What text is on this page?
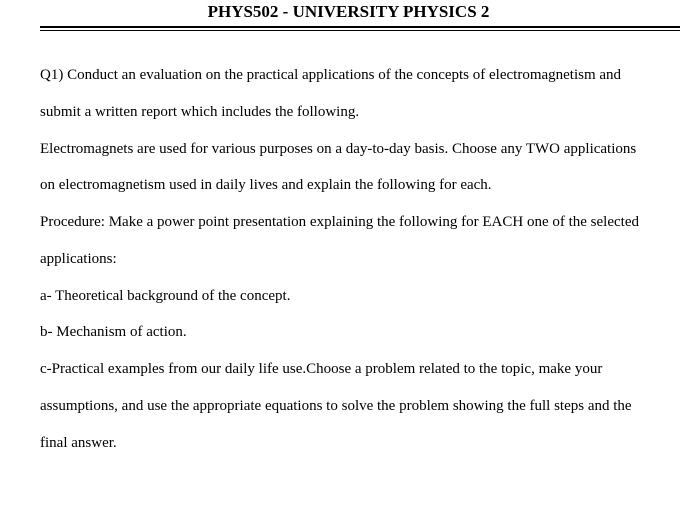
PHYS502 - UNIVERSITY PHYSICS 2
Q1) Conduct an evaluation on the practical applications of the concepts of electromagnetism and
submit a written report which includes the following.
Electromagnets are used for various purposes on a day-to-day basis. Choose any TWO applications
on electromagnetism used in daily lives and explain the following for each.
Procedure: Make a power point presentation explaining the following for EACH one of the selected
applications:
a- Theoretical background of the concept.
b- Mechanism of action.
c-Practical examples from our daily life use.Choose a problem related to the topic, make your
assumptions, and use the appropriate equations to solve the problem showing the full steps and the
final answer.
